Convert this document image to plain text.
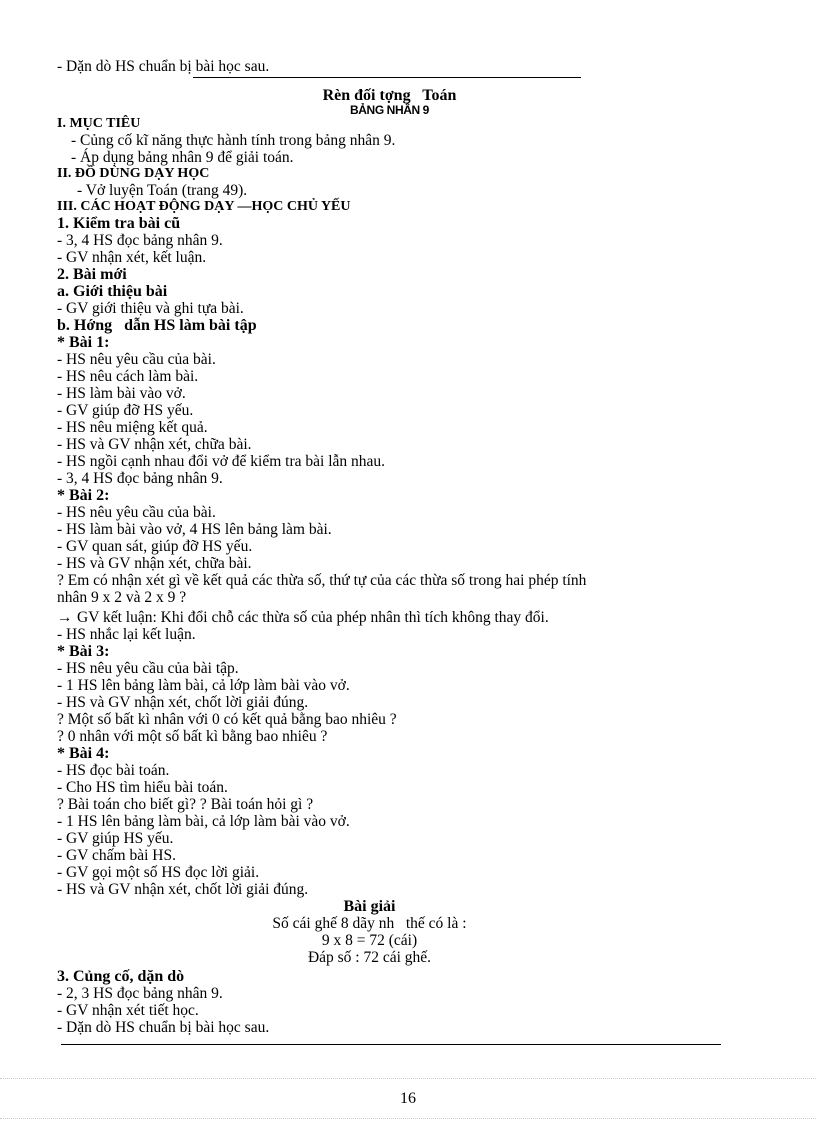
- Dặn dò HS chuẩn bị bài học sau.
Rèn đối tợng   Toán
BẢNG NHÂN 9
I. MỤC TIÊU
- Củng cố kĩ năng thực hành tính trong bảng nhân 9.
- Áp dụng bảng nhân 9 để giải toán.
II. ĐỒ DÙNG DẠY HỌC
- Vở luyện Toán (trang 49).
III. CÁC HOẠT ĐỘNG DẠY —HỌC CHỦ YẾU
1. Kiểm tra bài cũ
- 3, 4 HS đọc bảng nhân 9.
- GV nhận xét, kết luận.
2. Bài mới
a. Giới thiệu bài
- GV giới thiệu và ghi tựa bài.
b. Hớng   dẫn HS làm bài tập
* Bài 1:
- HS nêu yêu cầu của bài.
- HS nêu cách làm bài.
- HS làm bài vào vở.
- GV giúp đỡ HS yếu.
- HS nêu miệng kết quả.
- HS và GV nhận xét, chữa bài.
- HS ngồi cạnh nhau đổi vở để kiểm tra bài lẫn nhau.
- 3, 4 HS đọc bảng nhân 9.
* Bài 2:
- HS nêu yêu cầu của bài.
- HS làm bài vào vở, 4 HS lên bảng làm bài.
- GV quan sát, giúp đỡ HS yếu.
- HS và GV nhận xét, chữa bài.
? Em có nhận xét gì về kết quả các thừa số, thứ tự của các thừa số trong hai phép tính
nhân 9 x 2 và 2 x 9 ?
→ GV kết luận: Khi đổi chỗ các thừa số của phép nhân thì tích không thay đổi.
- HS nhắc lại kết luận.
* Bài 3:
- HS nêu yêu cầu của bài tập.
- 1 HS lên bảng làm bài, cả lớp làm bài vào vở.
- HS và GV nhận xét, chốt lời giải đúng.
? Một số bất kì nhân với 0 có kết quả bằng bao nhiêu ?
? 0 nhân với một số bất kì bằng bao nhiêu ?
* Bài 4:
- HS đọc bài toán.
- Cho HS tìm hiểu bài toán.
? Bài toán cho biết gì? ? Bài toán hỏi gì ?
- 1 HS lên bảng làm bài, cả lớp làm bài vào vở.
- GV giúp HS yếu.
- GV chấm bài HS.
- GV gọi một số HS đọc lời giải.
- HS và GV nhận xét, chốt lời giải đúng.
Bài giải
Số cái ghế 8 dãy nh   thế có là :
9 x 8 = 72 (cái)
Đáp số : 72 cái ghế.
3. Củng cố, dặn dò
- 2, 3 HS đọc bảng nhân 9.
- GV nhận xét tiết học.
- Dặn dò HS chuẩn bị bài học sau.
16
